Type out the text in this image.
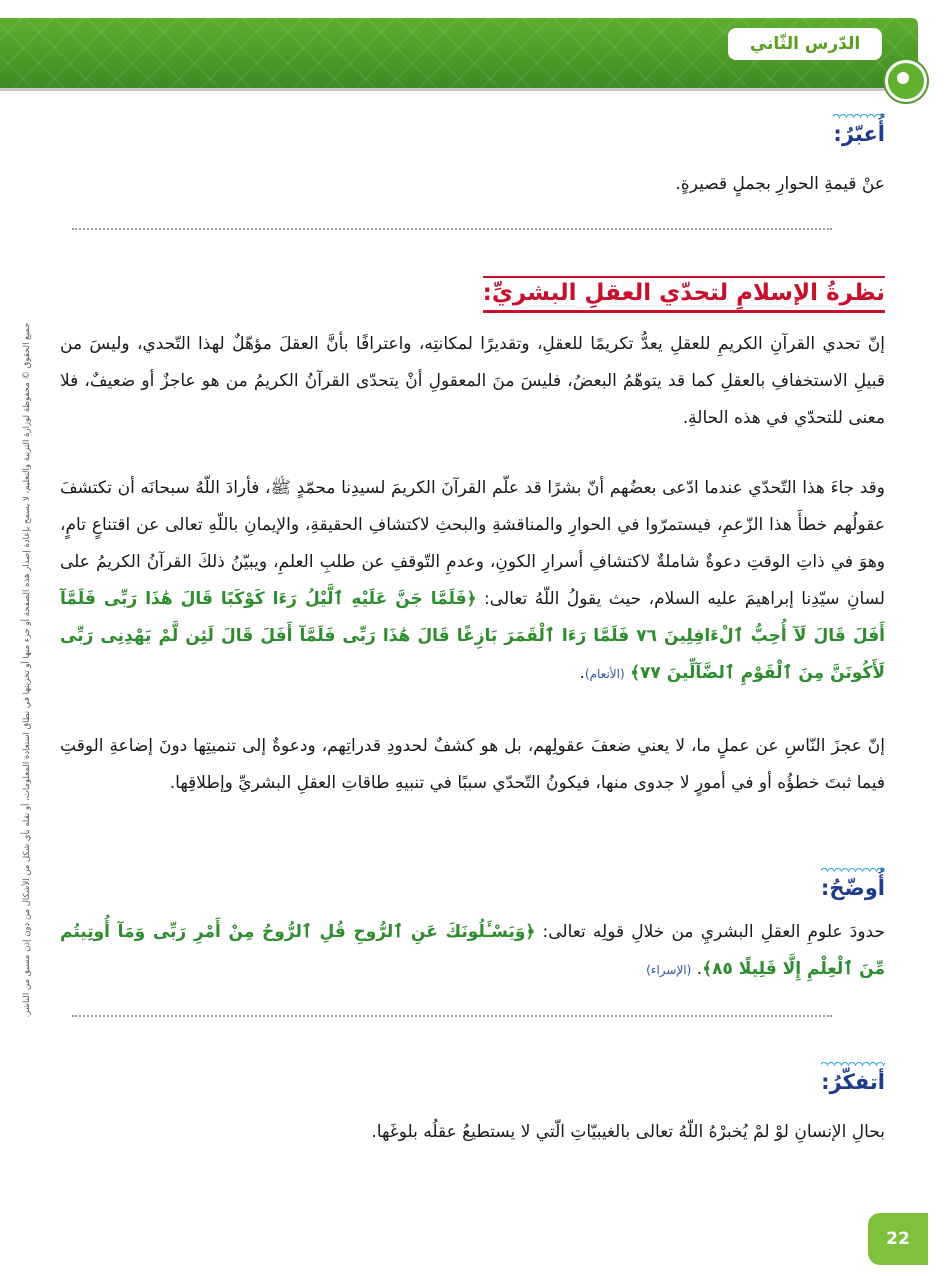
الدّرس الثّاني
جميع الحقوق © محفوظة لوزارة التربية والتعليم، لا يسمح بإعادة إصدار هذه الصفحة أو جزء منها أو تخزينها في نطاق استعادة المعلومات، أو نقله بأي شكل من الأشكال من دون إذن مسبق من الناشر.
أُعبّرُ:
عنْ قيمةِ الحوارِ بجملٍ قصيرةٍ.
نظرةُ الإسلامِ لتحدّي العقلِ البشريِّ:
إنّ تحدي القرآنِ الكريمِ للعقلِ يعدُّ تكريمًا للعقلِ، وتقديرًا لمكانتِه، واعترافًا بأنَّ العقلَ مؤهّلٌ لهذا التّحدي، وليسَ من قبيلِ الاستخفافِ بالعقلِ كما قد يتوهّمُ البعضُ، فليسَ منَ المعقولِ أنْ يتحدّى القرآنُ الكريمُ من هو عاجزٌ أو ضعيفٌ، فلا معنى للتحدّي في هذه الحالةِ.
وقد جاءَ هذا التّحدّي عندما ادّعى بعضُهم أنّ بشرًا قد علّم القرآنَ الكريمَ لسيدِنا محمّدٍ ﷺ، فأرادَ اللّهُ سبحانَه أن تكتشفَ عقولُهم خطأَ هذا الزّعمِ، فيستمرّوا في الحوارِ والمناقشةِ والبحثِ لاكتشافِ الحقيقةِ، والإيمانِ باللّهِ تعالى عن اقتناعٍ تامٍ، وهوَ في ذاتِ الوقتِ دعوةٌ شاملةٌ لاكتشافِ أسرارِ الكونِ، وعدمِ التّوقفِ عن طلبِ العلمِ، ويبيّنُ ذلكَ القرآنُ الكريمُ على لسانِ سيّدِنا إبراهيمَ عليه السلام، حيث يقولُ اللّهُ تعالى: ﴿فَلَمَّا جَنَّ عَلَيْهِ ٱلَّيْلُ رَءَا كَوْكَبًا قَالَ هَٰذَا رَبِّى فَلَمَّآ أَفَلَ قَالَ لَآ أُحِبُّ ٱلْءَافِلِينَ ٧٦ فَلَمَّا رَءَا ٱلْقَمَرَ بَازِغًا قَالَ هَٰذَا رَبِّى فَلَمَّآ أَفَلَ قَالَ لَئِن لَّمْ يَهْدِنِى رَبِّى لَأَكُونَنَّ مِنَ ٱلْقَوْمِ ٱلضَّآلِّينَ ٧٧﴾ (الأنعام).
إنّ عجزَ النّاسِ عن عملٍ ما، لا يعني ضعفَ عقولِهم، بل هو كشفٌ لحدودِ قدراتِهم، ودعوةٌ إلى تنميتِها دونَ إضاعةِ الوقتِ فيما ثبتَ خطؤُه أو في أمورٍ لا جدوى منها، فيكونُ التّحدّي سببًا في تنبيهِ طاقاتِ العقلِ البشريِّ وإطلاقِها.
أُوضّحُ:
حدودَ علومِ العقلِ البشريِ من خلالِ قولِه تعالى: ﴿وَيَسْـَٔلُونَكَ عَنِ ٱلرُّوحِ قُلِ ٱلرُّوحُ مِنْ أَمْرِ رَبِّى وَمَآ أُوتِيتُم مِّنَ ٱلْعِلْمِ إِلَّا قَلِيلًا ٨٥﴾. (الإسراء)
أتفكّرُ:
بحالِ الإنسانِ لوْ لمْ يُخبرْهُ اللّهُ تعالى بالغيبيّاتِ الّتي لا يستطيعُ عقلُه بلوغَها.
22
